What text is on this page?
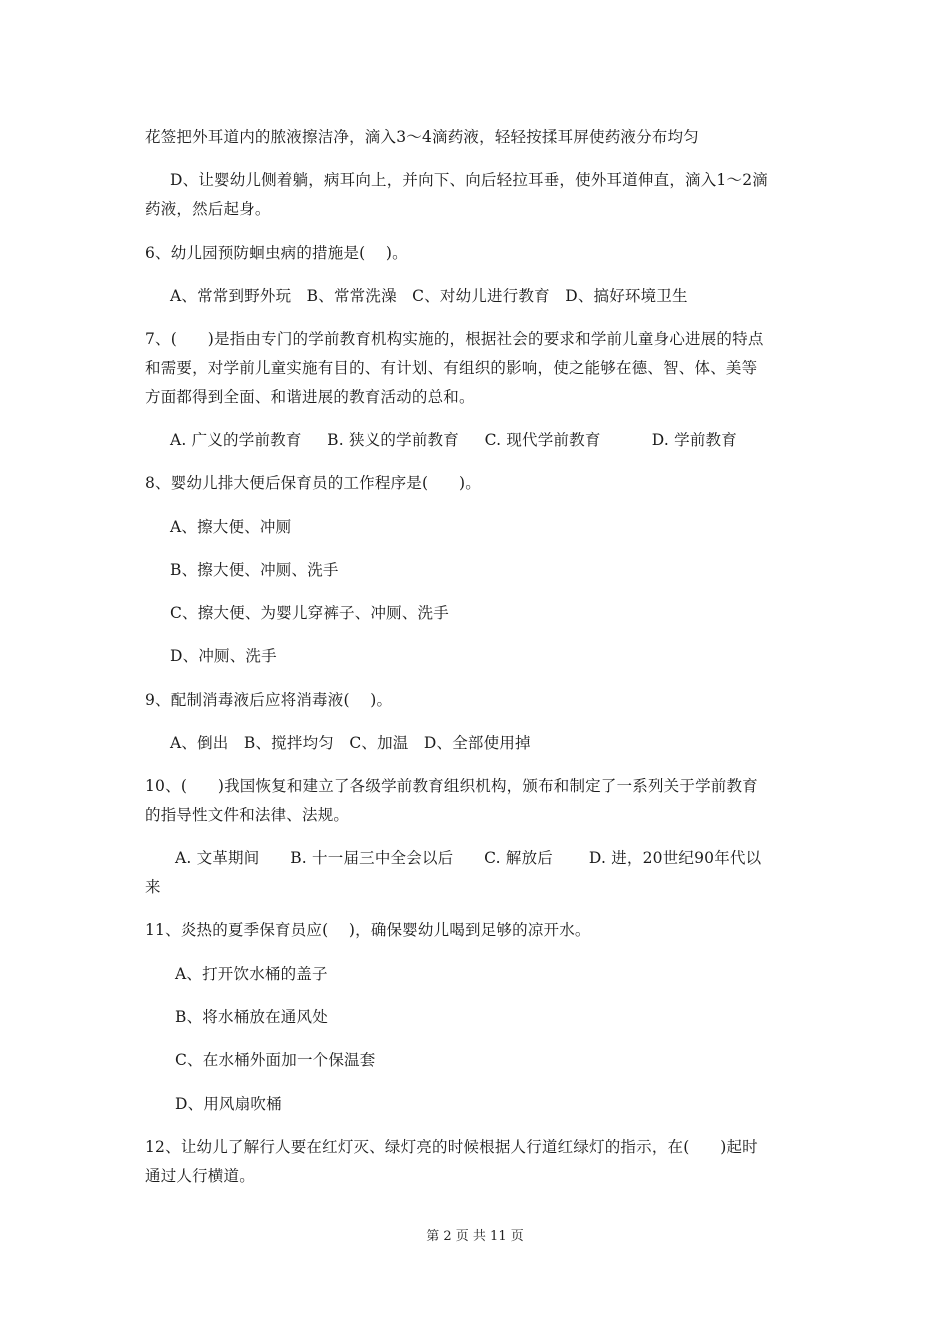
花签把外耳道内的脓液擦洁净，滴入3～4滴药液，轻轻按揉耳屏使药液分布均匀
D、让婴幼儿侧着躺，病耳向上，并向下、向后轻拉耳垂，使外耳道伸直，滴入1～2滴
药液，然后起身。
6、幼儿园预防蛔虫病的措施是(    )。
A、常常到野外玩   B、常常洗澡   C、对幼儿进行教育   D、搞好环境卫生
7、(      )是指由专门的学前教育机构实施的，根据社会的要求和学前儿童身心进展的特点
和需要，对学前儿童实施有目的、有计划、有组织的影响，使之能够在德、智、体、美等
方面都得到全面、和谐进展的教育活动的总和。
A. 广义的学前教育     B. 狭义的学前教育     C. 现代学前教育          D. 学前教育
8、婴幼儿排大便后保育员的工作程序是(      )。
A、擦大便、冲厕
B、擦大便、冲厕、洗手
C、擦大便、为婴儿穿裤子、冲厕、洗手
D、冲厕、洗手
9、配制消毒液后应将消毒液(    )。
A、倒出   B、搅拌均匀   C、加温   D、全部使用掉
10、(      )我国恢复和建立了各级学前教育组织机构，颁布和制定了一系列关于学前教育
的指导性文件和法律、法规。
A. 文革期间      B. 十一届三中全会以后      C. 解放后       D. 进，20世纪90年代以
来
11、炎热的夏季保育员应(    )，确保婴幼儿喝到足够的凉开水。
A、打开饮水桶的盖子
B、将水桶放在通风处
C、在水桶外面加一个保温套
D、用风扇吹桶
12、让幼儿了解行人要在红灯灭、绿灯亮的时候根据人行道红绿灯的指示，在(      )起时
通过人行横道。
第 2 页 共 11 页
